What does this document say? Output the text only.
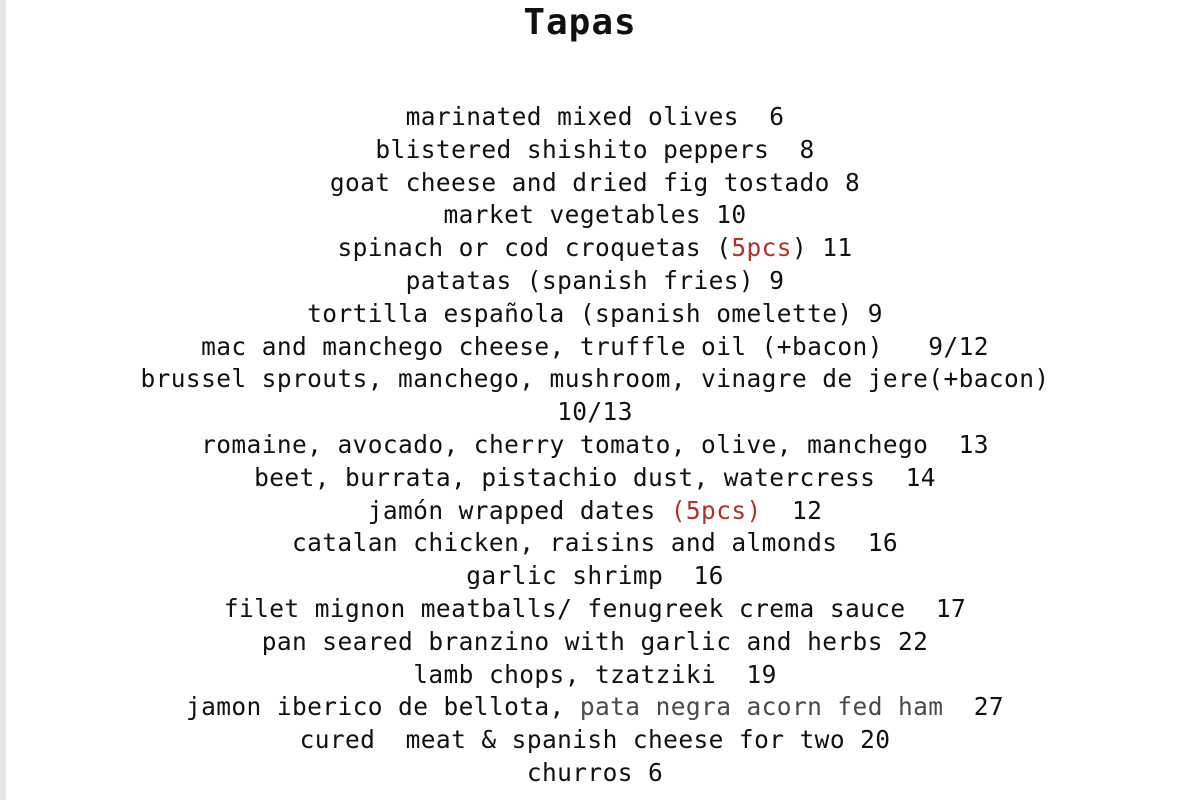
Tapas
marinated mixed olives  6
blistered shishito peppers  8
goat cheese and dried fig tostado 8
market vegetables 10
spinach or cod croquetas (5pcs) 11
patatas (spanish fries) 9
tortilla española (spanish omelette) 9
mac and manchego cheese, truffle oil (+bacon)   9/12
brussel sprouts, manchego, mushroom, vinagre de jere(+bacon)
10/13
romaine, avocado, cherry tomato, olive, manchego  13
beet, burrata, pistachio dust, watercress  14
jamón wrapped dates (5pcs)  12
catalan chicken, raisins and almonds  16
garlic shrimp  16
filet mignon meatballs/ fenugreek crema sauce  17
pan seared branzino with garlic and herbs 22
lamb chops, tzatziki  19
jamon iberico de bellota, pata negra acorn fed ham  27
cured  meat & spanish cheese for two 20
churros 6
